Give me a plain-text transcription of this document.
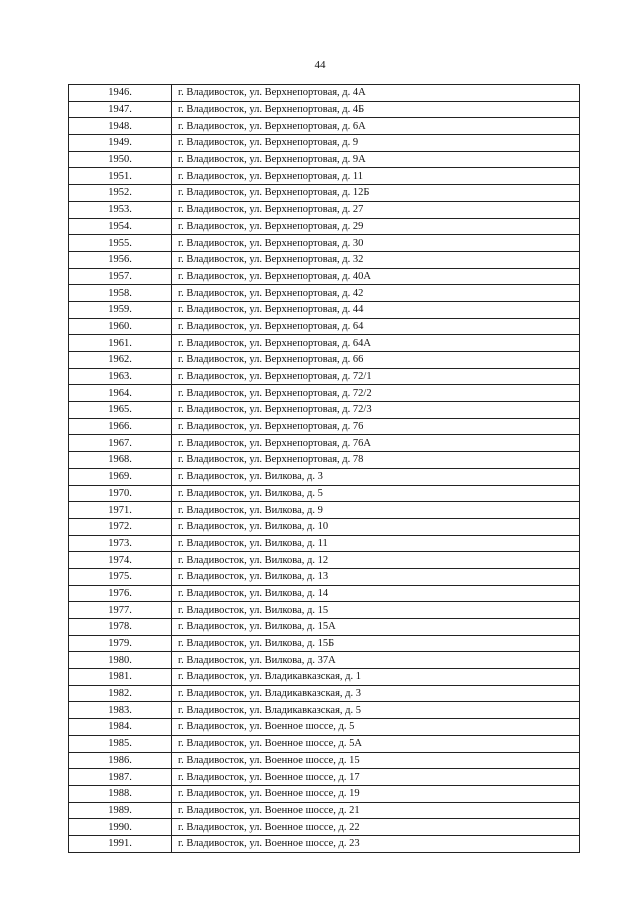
44
1946.	г. Владивосток, ул. Верхнепортовая, д. 4А
1947.	г. Владивосток, ул. Верхнепортовая, д. 4Б
1948.	г. Владивосток, ул. Верхнепортовая, д. 6А
1949.	г. Владивосток, ул. Верхнепортовая, д. 9
1950.	г. Владивосток, ул. Верхнепортовая, д. 9А
1951.	г. Владивосток, ул. Верхнепортовая, д. 11
1952.	г. Владивосток, ул. Верхнепортовая, д. 12Б
1953.	г. Владивосток, ул. Верхнепортовая, д. 27
1954.	г. Владивосток, ул. Верхнепортовая, д. 29
1955.	г. Владивосток, ул. Верхнепортовая, д. 30
1956.	г. Владивосток, ул. Верхнепортовая, д. 32
1957.	г. Владивосток, ул. Верхнепортовая, д. 40А
1958.	г. Владивосток, ул. Верхнепортовая, д. 42
1959.	г. Владивосток, ул. Верхнепортовая, д. 44
1960.	г. Владивосток, ул. Верхнепортовая, д. 64
1961.	г. Владивосток, ул. Верхнепортовая, д. 64А
1962.	г. Владивосток, ул. Верхнепортовая, д. 66
1963.	г. Владивосток, ул. Верхнепортовая, д. 72/1
1964.	г. Владивосток, ул. Верхнепортовая, д. 72/2
1965.	г. Владивосток, ул. Верхнепортовая, д. 72/3
1966.	г. Владивосток, ул. Верхнепортовая, д. 76
1967.	г. Владивосток, ул. Верхнепортовая, д. 76А
1968.	г. Владивосток, ул. Верхнепортовая, д. 78
1969.	г. Владивосток, ул. Вилкова, д. 3
1970.	г. Владивосток, ул. Вилкова, д. 5
1971.	г. Владивосток, ул. Вилкова, д. 9
1972.	г. Владивосток, ул. Вилкова, д. 10
1973.	г. Владивосток, ул. Вилкова, д. 11
1974.	г. Владивосток, ул. Вилкова, д. 12
1975.	г. Владивосток, ул. Вилкова, д. 13
1976.	г. Владивосток, ул. Вилкова, д. 14
1977.	г. Владивосток, ул. Вилкова, д. 15
1978.	г. Владивосток, ул. Вилкова, д. 15А
1979.	г. Владивосток, ул. Вилкова, д. 15Б
1980.	г. Владивосток, ул. Вилкова, д. 37А
1981.	г. Владивосток, ул. Владикавказская, д. 1
1982.	г. Владивосток, ул. Владикавказская, д. 3
1983.	г. Владивосток, ул. Владикавказская, д. 5
1984.	г. Владивосток, ул. Военное шоссе, д. 5
1985.	г. Владивосток, ул. Военное шоссе, д. 5А
1986.	г. Владивосток, ул. Военное шоссе, д. 15
1987.	г. Владивосток, ул. Военное шоссе, д. 17
1988.	г. Владивосток, ул. Военное шоссе, д. 19
1989.	г. Владивосток, ул. Военное шоссе, д. 21
1990.	г. Владивосток, ул. Военное шоссе, д. 22
1991.	г. Владивосток, ул. Военное шоссе, д. 23
